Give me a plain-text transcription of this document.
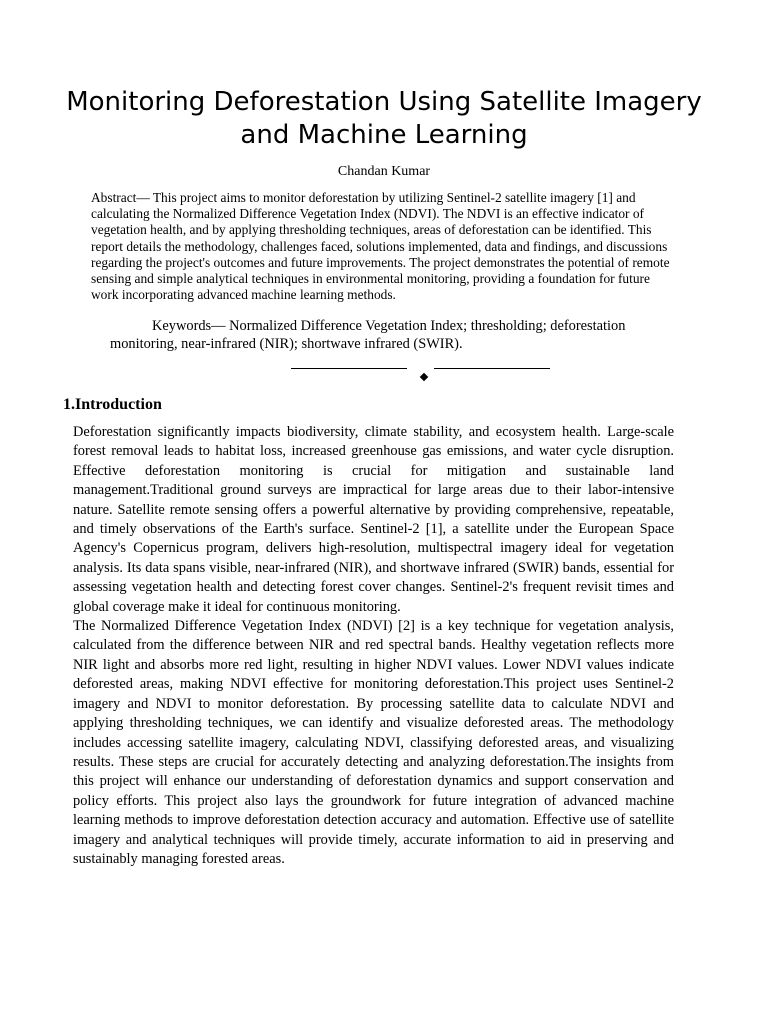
Monitoring Deforestation Using Satellite Imagery and Machine Learning
Chandan Kumar

Abstract— This project aims to monitor deforestation by utilizing Sentinel-2 satellite imagery [1] and calculating the Normalized Difference Vegetation Index (NDVI). The NDVI is an effective indicator of vegetation health, and by applying thresholding techniques, areas of deforestation can be identified. This report details the methodology, challenges faced, solutions implemented, data and findings, and discussions regarding the project's outcomes and future improvements. The project demonstrates the potential of remote sensing and simple analytical techniques in environmental monitoring, providing a foundation for future work incorporating advanced machine learning methods.

Keywords— Normalized Difference Vegetation Index; thresholding; deforestation monitoring, near-infrared (NIR); shortwave infrared (SWIR).

1.Introduction

Deforestation significantly impacts biodiversity, climate stability, and ecosystem health. Large-scale forest removal leads to habitat loss, increased greenhouse gas emissions, and water cycle disruption. Effective deforestation monitoring is crucial for mitigation and sustainable land management.Traditional ground surveys are impractical for large areas due to their labor-intensive nature. Satellite remote sensing offers a powerful alternative by providing comprehensive, repeatable, and timely observations of the Earth's surface. Sentinel-2 [1], a satellite under the European Space Agency's Copernicus program, delivers high-resolution, multispectral imagery ideal for vegetation analysis. Its data spans visible, near-infrared (NIR), and shortwave infrared (SWIR) bands, essential for assessing vegetation health and detecting forest cover changes. Sentinel-2's frequent revisit times and global coverage make it ideal for continuous monitoring.

The Normalized Difference Vegetation Index (NDVI) [2] is a key technique for vegetation analysis, calculated from the difference between NIR and red spectral bands. Healthy vegetation reflects more NIR light and absorbs more red light, resulting in higher NDVI values. Lower NDVI values indicate deforested areas, making NDVI effective for monitoring deforestation.This project uses Sentinel-2 imagery and NDVI to monitor deforestation. By processing satellite data to calculate NDVI and applying thresholding techniques, we can identify and visualize deforested areas. The methodology includes accessing satellite imagery, calculating NDVI, classifying deforested areas, and visualizing results. These steps are crucial for accurately detecting and analyzing deforestation.The insights from this project will enhance our understanding of deforestation dynamics and support conservation and policy efforts. This project also lays the groundwork for future integration of advanced machine learning methods to improve deforestation detection accuracy and automation. Effective use of satellite imagery and analytical techniques will provide timely, accurate information to aid in preserving and sustainably managing forested areas.
